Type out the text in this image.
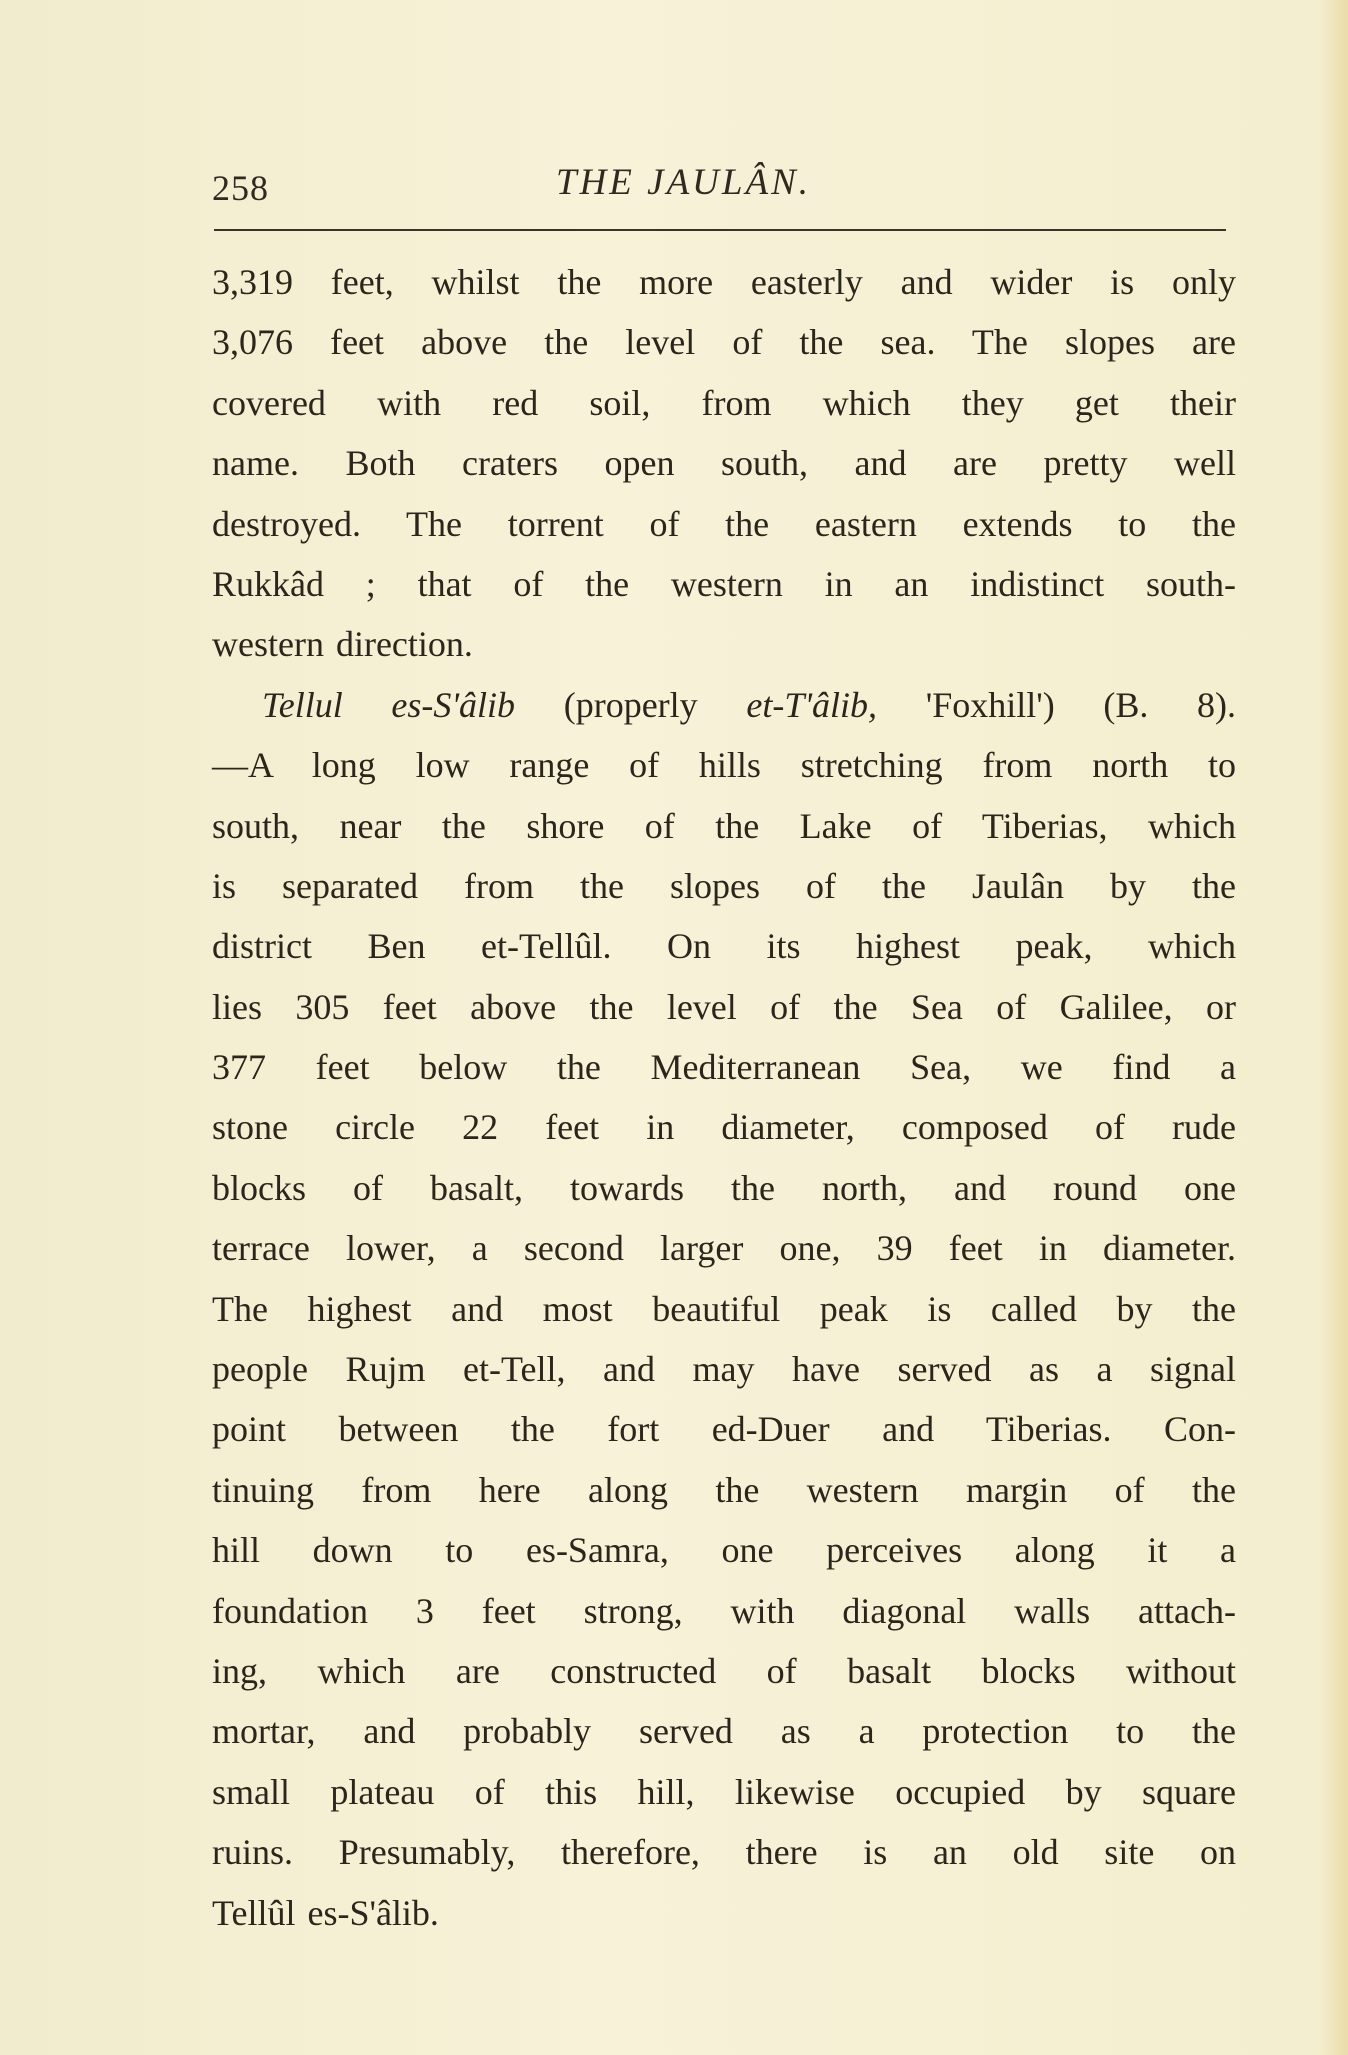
258	THE JAULÂN.
3,319 feet, whilst the more easterly and wider is only
3,076 feet above the level of the sea. The slopes are
covered with red soil, from which they get their
name. Both craters open south, and are pretty well
destroyed. The torrent of the eastern extends to the
Rukkâd ; that of the western in an indistinct south-
western direction.
Tellul es-S'âlib (properly et-T'âlib, 'Foxhill') (B. 8).
—A long low range of hills stretching from north to
south, near the shore of the Lake of Tiberias, which
is separated from the slopes of the Jaulân by the
district Ben et-Tellûl. On its highest peak, which
lies 305 feet above the level of the Sea of Galilee, or
377 feet below the Mediterranean Sea, we find a
stone circle 22 feet in diameter, composed of rude
blocks of basalt, towards the north, and round one
terrace lower, a second larger one, 39 feet in diameter.
The highest and most beautiful peak is called by the
people Rujm et-Tell, and may have served as a signal
point between the fort ed-Duer and Tiberias. Con-
tinuing from here along the western margin of the
hill down to es-Samra, one perceives along it a
foundation 3 feet strong, with diagonal walls attach-
ing, which are constructed of basalt blocks without
mortar, and probably served as a protection to the
small plateau of this hill, likewise occupied by square
ruins. Presumably, therefore, there is an old site on
Tellûl es-S'âlib.
